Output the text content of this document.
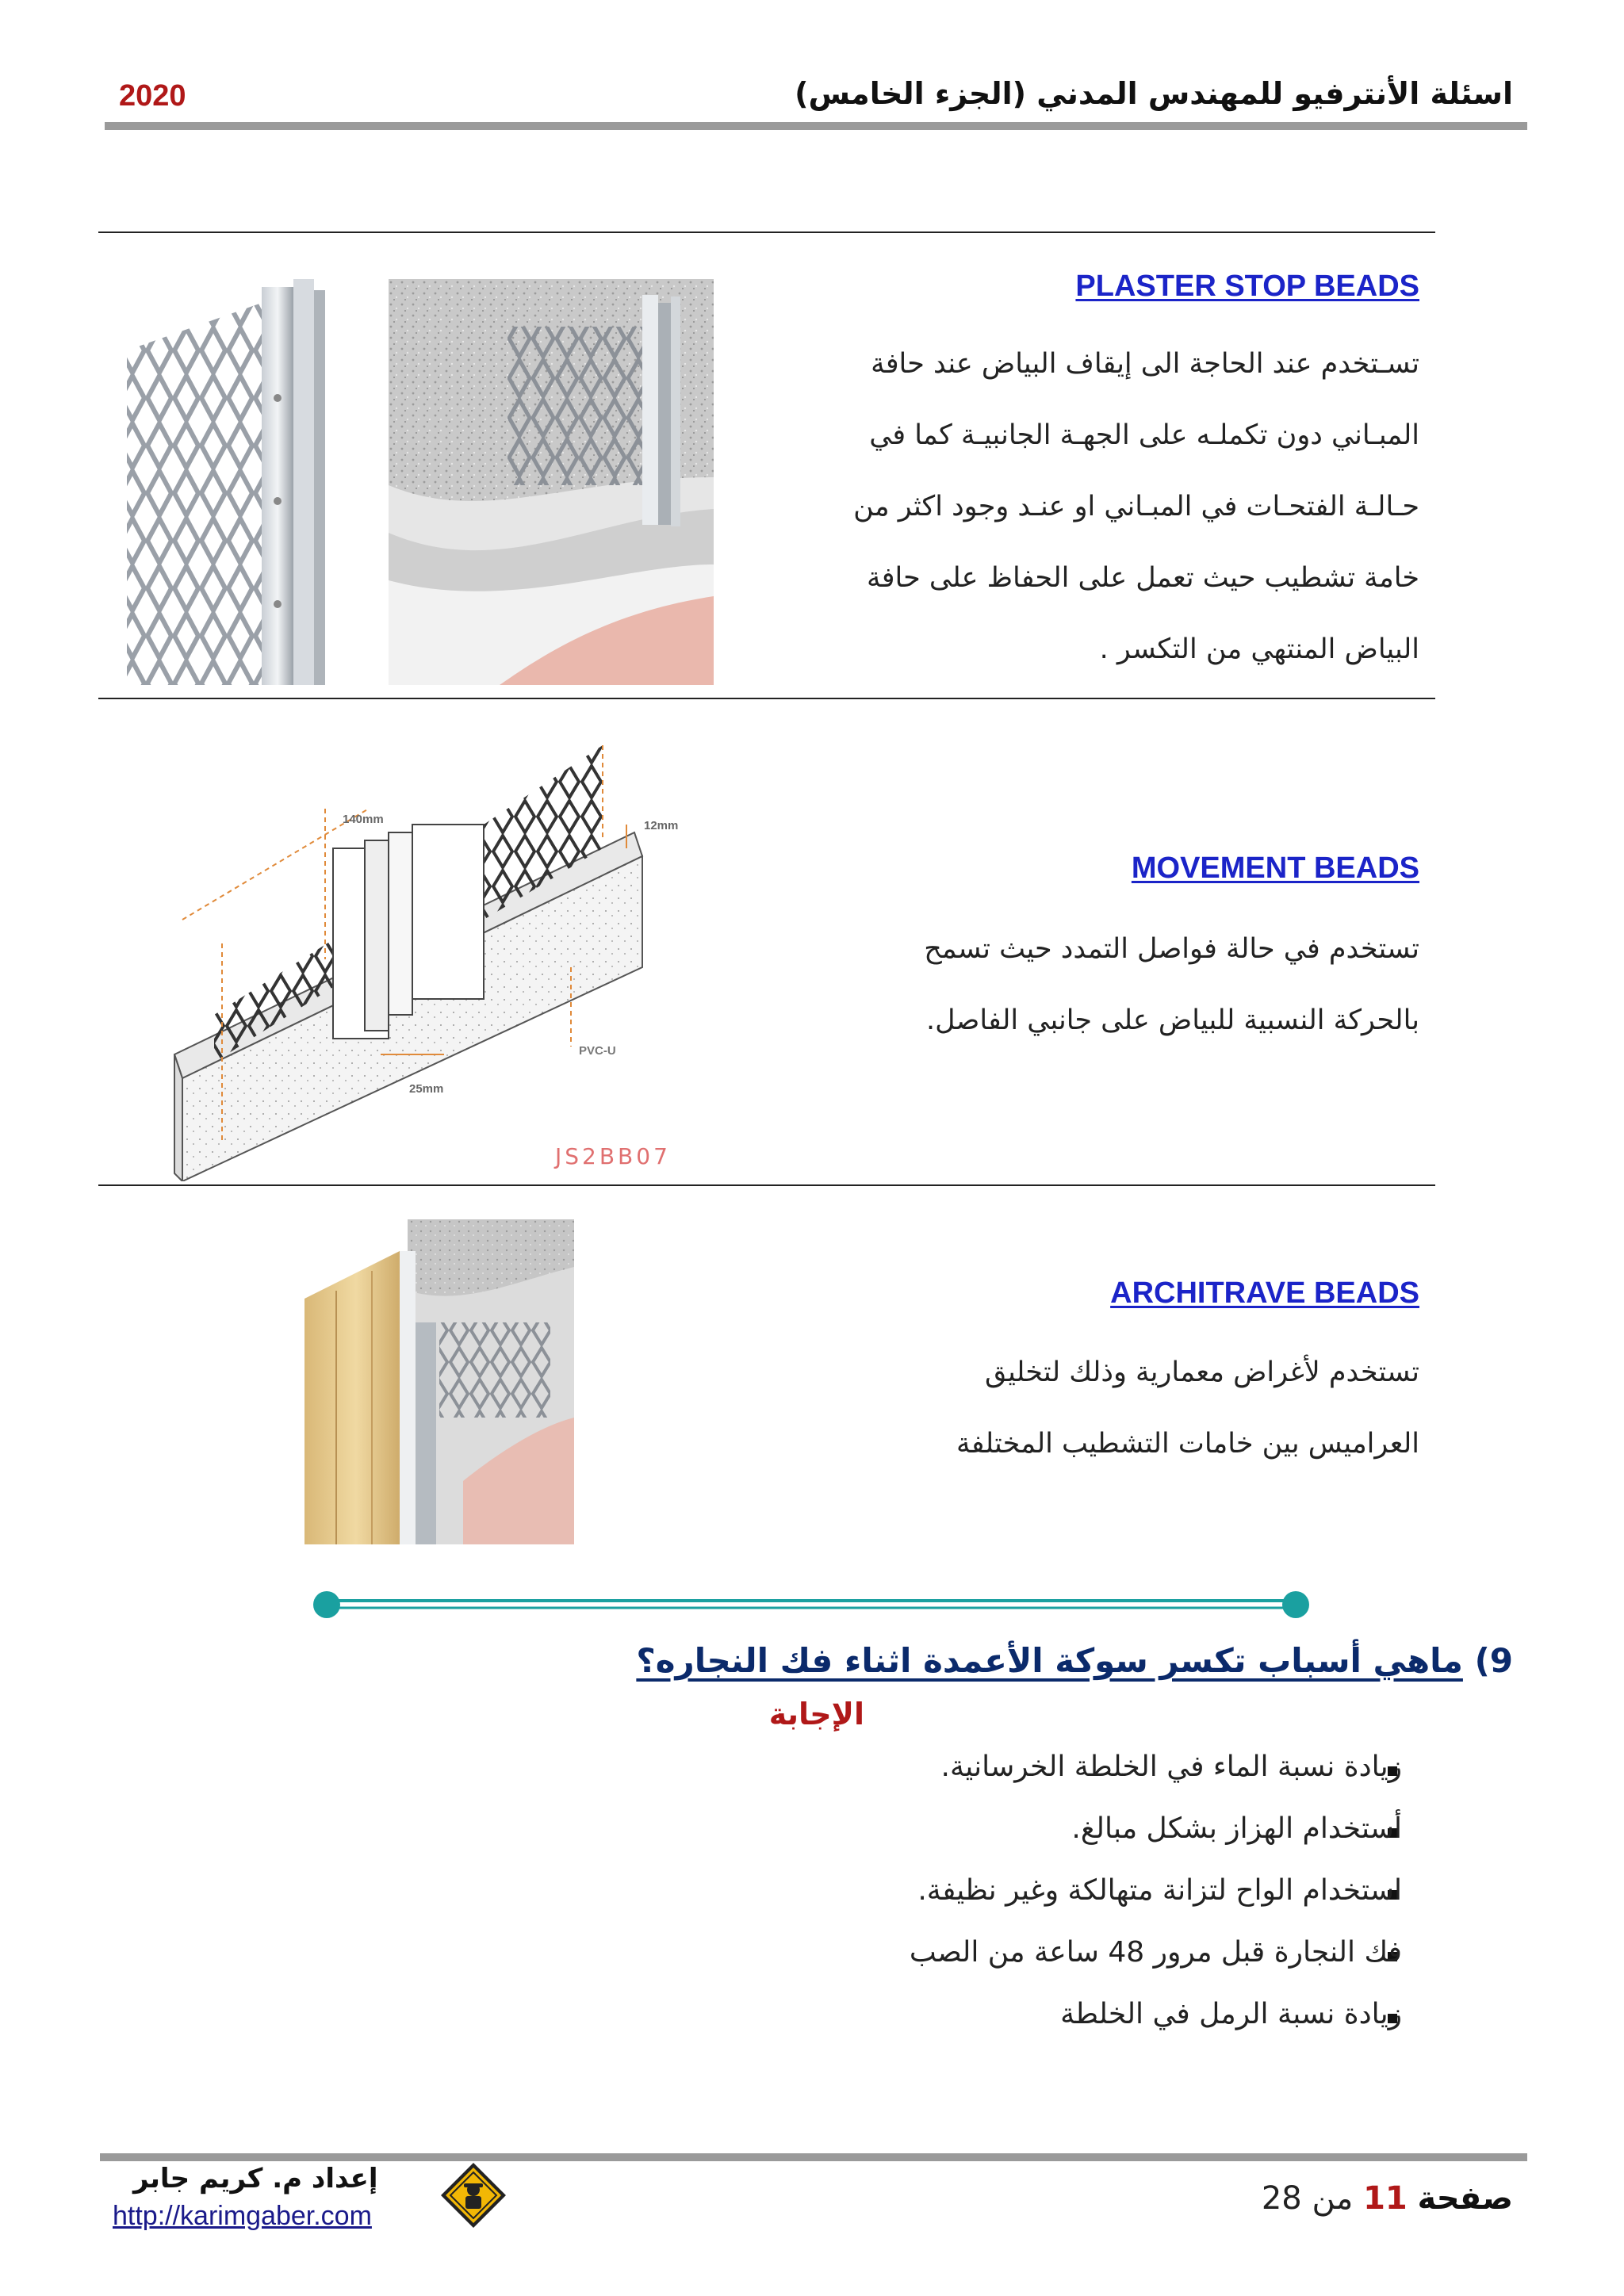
اسئلة الأنترفيو للمهندس المدني (الجزء الخامس)
2020
PLASTER STOP BEADS
تسـتخدم عند الحاجة الى إيقاف البياض عند حافة
المبـاني دون تكملـه على الجهـة الجانبيـة كما في
حـالـة الفتحـات في المبـاني او عنـد وجود اكثر من
خامة تشطيب حيث تعمل على الحفاظ على حافة
البياض المنتهي من التكسر .
MOVEMENT BEADS
تستخدم في حالة فواصل التمدد حيث تسمح
بالحركة النسبية للبياض على جانبي الفاصل.
140mm	12mm
PVC-U
25mm
JS2BB07
ARCHITRAVE BEADS
تستخدم لأغراض معمارية وذلك لتخليق
العراميس بين خامات التشطيب المختلفة
9) ماهي أسباب تكسر سوكة الأعمدة اثناء فك النجاره؟
الإجابة
زيادة نسبة الماء في الخلطة الخرسانية.
أستخدام الهزاز بشكل مبالغ.
استخدام الواح لتزانة متهالكة وغير نظيفة.
فك النجارة قبل مرور 48 ساعة من الصب
زيادة نسبة الرمل في الخلطة
إعداد م. كريم جابر
http://karimgaber.com	صفحة 11 من 28
